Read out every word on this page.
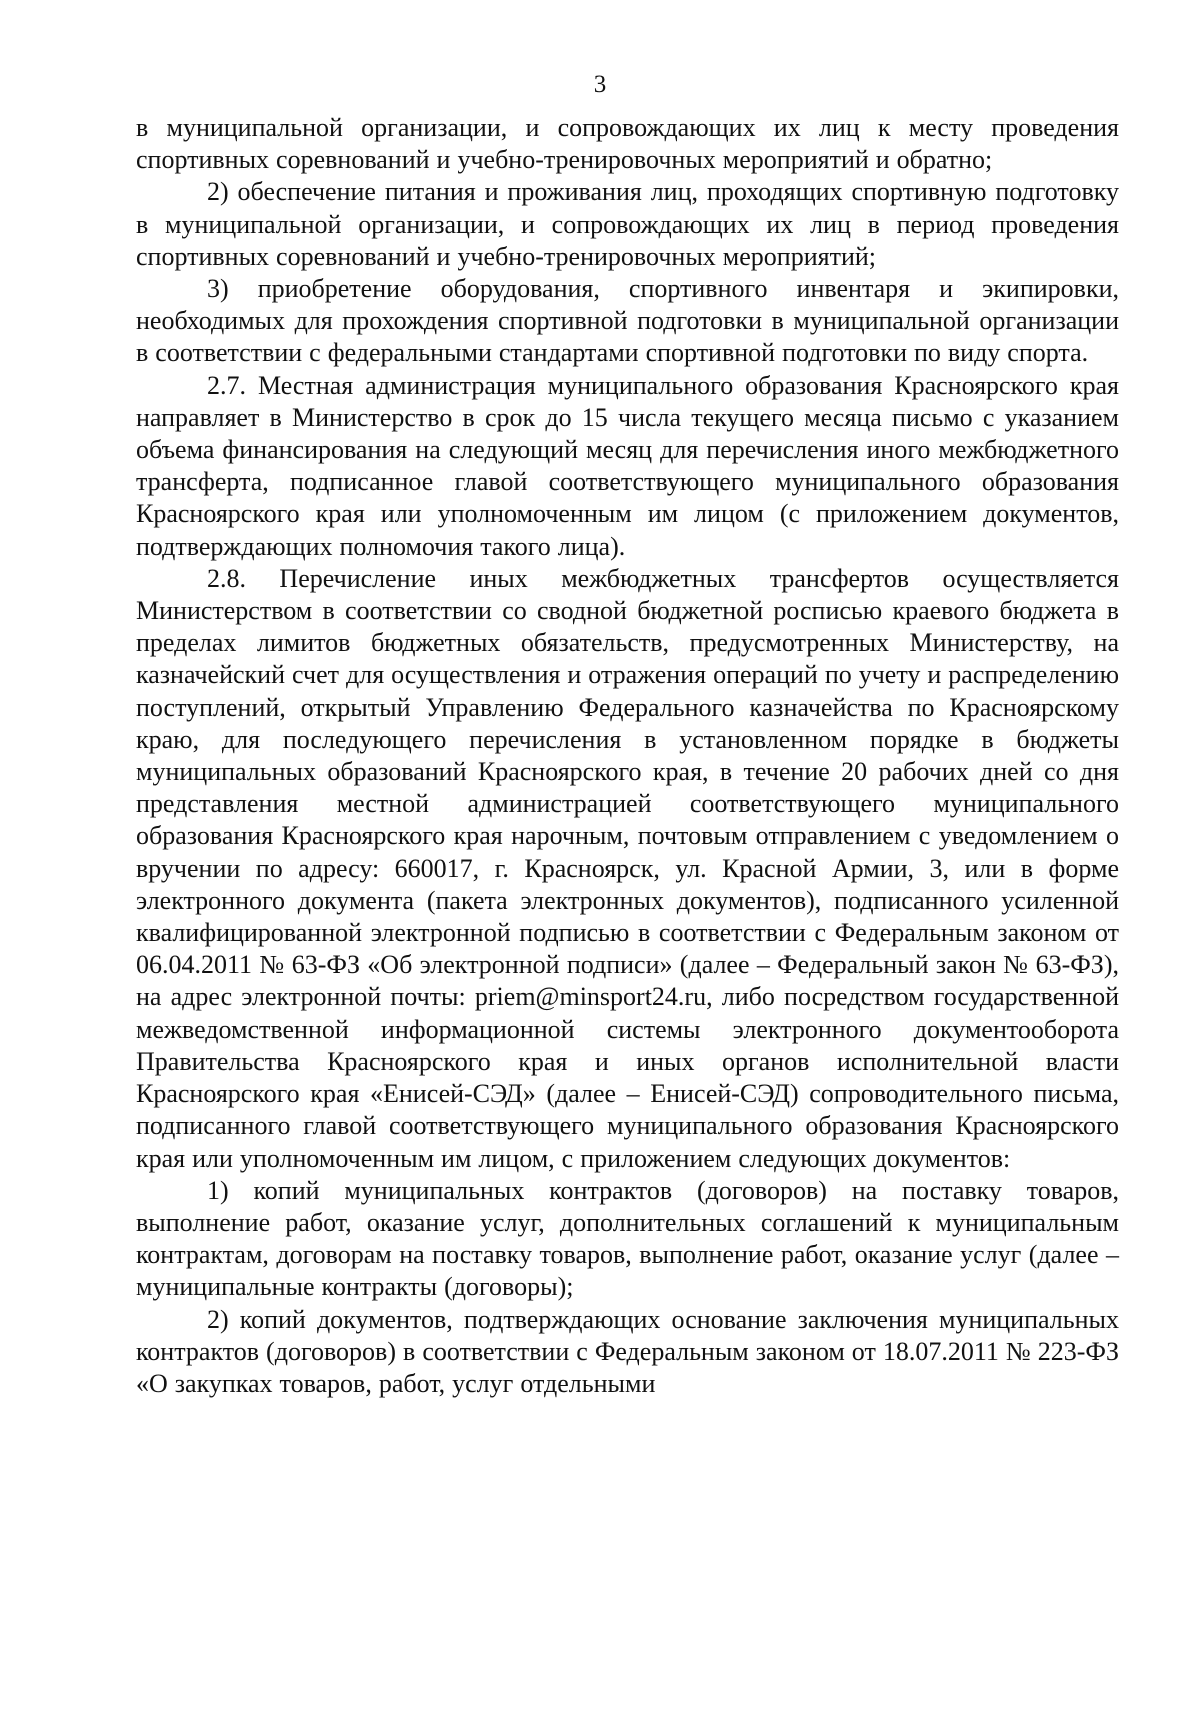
3

в муниципальной организации, и сопровождающих их лиц к месту проведения спортивных соревнований и учебно-тренировочных мероприятий и обратно;

2) обеспечение питания и проживания лиц, проходящих спортивную подготовку в муниципальной организации, и сопровождающих их лиц в период проведения спортивных соревнований и учебно-тренировочных мероприятий;

3) приобретение оборудования, спортивного инвентаря и экипировки, необходимых для прохождения спортивной подготовки в муниципальной организации в соответствии с федеральными стандартами спортивной подготовки по виду спорта.

2.7. Местная администрация муниципального образования Красноярского края направляет в Министерство в срок до 15 числа текущего месяца письмо с указанием объема финансирования на следующий месяц для перечисления иного межбюджетного трансферта, подписанное главой соответствующего муниципального образования Красноярского края или уполномоченным им лицом (с приложением документов, подтверждающих полномочия такого лица).

2.8. Перечисление иных межбюджетных трансфертов осуществляется Министерством в соответствии со сводной бюджетной росписью краевого бюджета в пределах лимитов бюджетных обязательств, предусмотренных Министерству, на казначейский счет для осуществления и отражения операций по учету и распределению поступлений, открытый Управлению Федерального казначейства по Красноярскому краю, для последующего перечисления в установленном порядке в бюджеты муниципальных образований Красноярского края, в течение 20 рабочих дней со дня представления местной администрацией соответствующего муниципального образования Красноярского края нарочным, почтовым отправлением с уведомлением о вручении по адресу: 660017, г. Красноярск, ул. Красной Армии, 3, или в форме электронного документа (пакета электронных документов), подписанного усиленной квалифицированной электронной подписью в соответствии с Федеральным законом от 06.04.2011 № 63-ФЗ «Об электронной подписи» (далее – Федеральный закон № 63-ФЗ), на адрес электронной почты: priem@minsport24.ru, либо посредством государственной межведомственной информационной системы электронного документооборота Правительства Красноярского края и иных органов исполнительной власти Красноярского края «Енисей-СЭД» (далее – Енисей-СЭД) сопроводительного письма, подписанного главой соответствующего муниципального образования Красноярского края или уполномоченным им лицом, с приложением следующих документов:

1) копий муниципальных контрактов (договоров) на поставку товаров, выполнение работ, оказание услуг, дополнительных соглашений к муниципальным контрактам, договорам на поставку товаров, выполнение работ, оказание услуг (далее – муниципальные контракты (договоры);

2) копий документов, подтверждающих основание заключения муниципальных контрактов (договоров) в соответствии с Федеральным законом от 18.07.2011 № 223-ФЗ «О закупках товаров, работ, услуг отдельными
